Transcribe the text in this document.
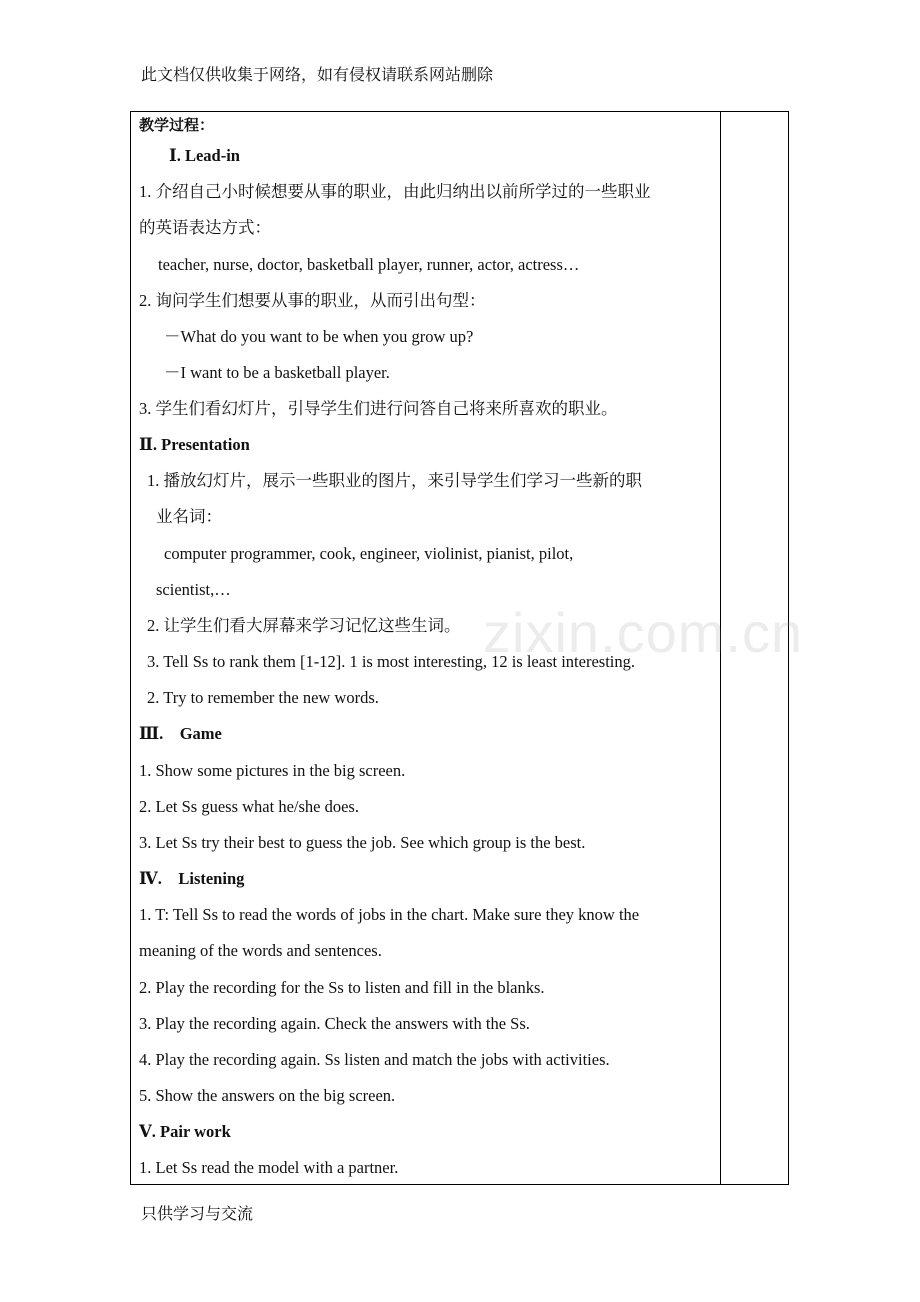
此文档仅供收集于网络，如有侵权请联系网站删除
教学过程：
Ⅰ. Lead-in
1. 介绍自己小时候想要从事的职业，由此归纳出以前所学过的一些职业
的英语表达方式：
teacher, nurse, doctor, basketball player, runner, actor, actress…
2. 询问学生们想要从事的职业，从而引出句型：
－What do you want to be when you grow up?
－I want to be a basketball player.
3. 学生们看幻灯片，引导学生们进行问答自己将来所喜欢的职业。
Ⅱ. Presentation
1. 播放幻灯片，展示一些职业的图片，来引导学生们学习一些新的职
业名词：
computer programmer, cook, engineer, violinist, pianist, pilot,
scientist,…
2. 让学生们看大屏幕来学习记忆这些生词。
3. Tell Ss to rank them [1-12]. 1 is most interesting, 12 is least interesting.
2. Try to remember the new words.
Ⅲ.    Game
1. Show some pictures in the big screen.
2. Let Ss guess what he/she does.
3. Let Ss try their best to guess the job. See which group is the best.
Ⅳ.    Listening
1. T: Tell Ss to read the words of jobs in the chart. Make sure they know the
meaning of the words and sentences.
2. Play the recording for the Ss to listen and fill in the blanks.
3. Play the recording again. Check the answers with the Ss.
4. Play the recording again. Ss listen and match the jobs with activities.
5. Show the answers on the big screen.
Ⅴ. Pair work
1. Let Ss read the model with a partner.
zixin.com.cn
只供学习与交流
